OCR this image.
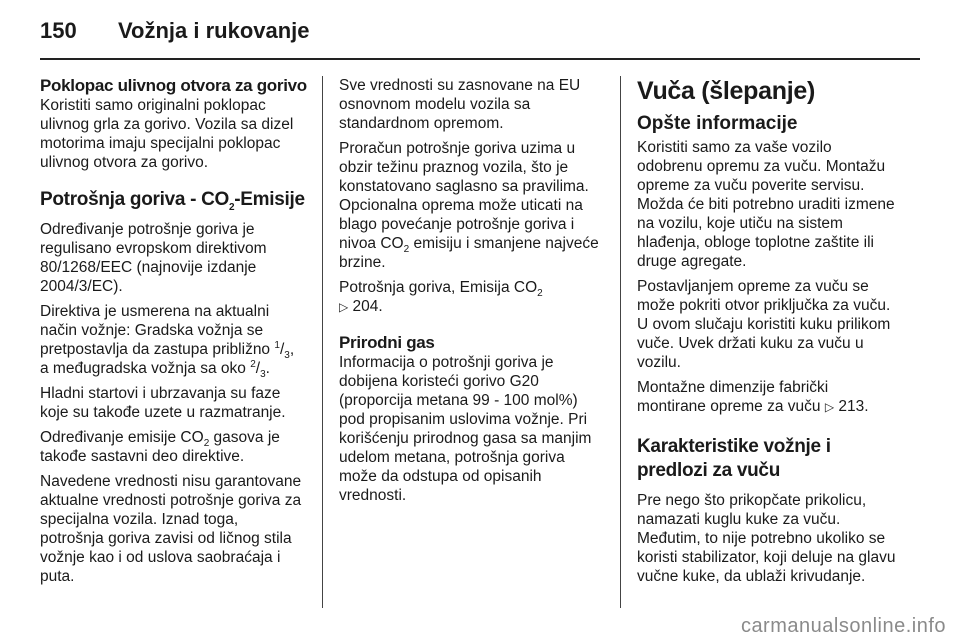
150 Vožnja i rukovanje
Poklopac ulivnog otvora za gorivo

Koristiti samo originalni poklopac ulivnog grla za gorivo. Vozila sa dizel motorima imaju specijalni poklopac ulivnog otvora za gorivo.

Potrošnja goriva - $CO_2$-Emisije

Određivanje potrošnje goriva je regulisano evropskom direktivom 80/1268/EEC (najnovije izdanje 2004/3/EC).

Direktiva je usmerena na aktualni način vožnje: Gradska vožnja se pretpostavlja da zastupa približno $^1/_3$, a međugradska vožnja sa oko $^2/_3$.

Hladni startovi i ubrzavanja su faze koje su takođe uzete u razmatranje.

Određivanje emisije $CO_2$ gasova je takođe sastavni deo direktive.

Navedene vrednosti nisu garantovane aktualne vrednosti potrošnje goriva za specijalna vozila. Iznad toga, potrošnja goriva zavisi od ličnog stila vožnje kao i od uslova saobraćaja i puta.

Sve vrednosti su zasnovane na EU osnovnom modelu vozila sa standardnom opremom.

Proračun potrošnje goriva uzima u obzir težinu praznog vozila, što je konstatovano saglasno sa pravilima. Opcionalna oprema može uticati na blago povećanje potrošnje goriva i nivoa $CO_2$ emisiju i smanjene najveće brzine.

Potrošnja goriva, Emisija $CO_2$
▷ 204.

Prirodni gas

Informacija o potrošnji goriva je dobijena koristeći gorivo G20 (proporcija metana 99 - 100 mol%) pod propisanim uslovima vožnje. Pri korišćenju prirodnog gasa sa manjim udelom metana, potrošnja goriva može da odstupa od opisanih vrednosti.

Vuča (šlepanje)
Opšte informacije

Koristiti samo za vaše vozilo odobrenu opremu za vuču. Montažu opreme za vuču poverite servisu. Možda će biti potrebno uraditi izmene na vozilu, koje utiču na sistem hlađenja, obloge toplotne zaštite ili druge agregate.

Postavljanjem opreme za vuču se može pokriti otvor priključka za vuču. U ovom slučaju koristiti kuku prilikom vuče. Uvek držati kuku za vuču u vozilu.

Montažne dimenzije fabrički montirane opreme za vuču ▷ 213.

Karakteristike vožnje i predlozi za vuču

Pre nego što prikopčate prikolicu, namazati kuglu kuke za vuču. Međutim, to nije potrebno ukoliko se koristi stabilizator, koji deluje na glavu vučne kuke, da ublaži krivudanje.

carmanualsonline.info
